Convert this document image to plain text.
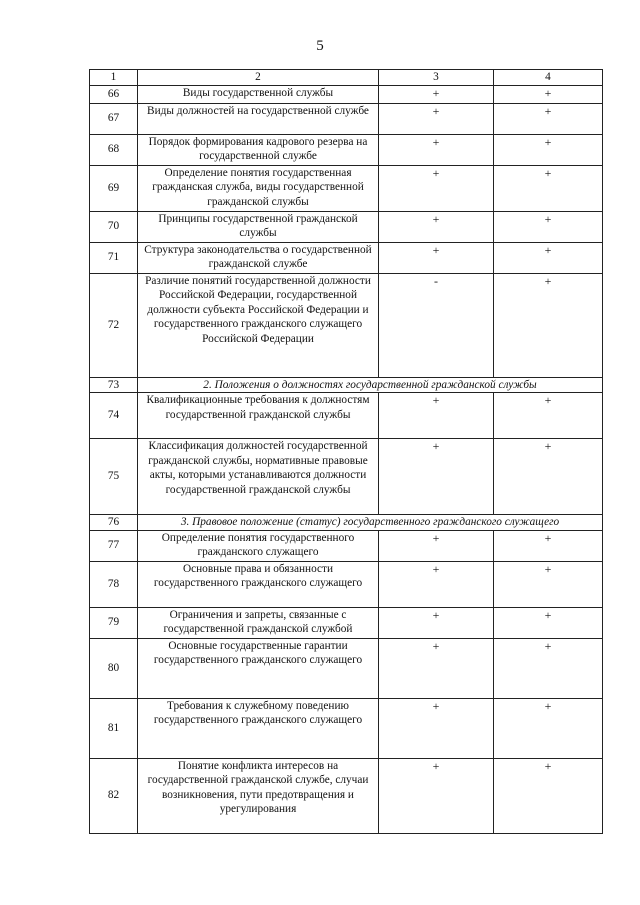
5
1	2	3	4
66	Виды государственной службы	+	+
67	Виды должностей на государственной службе	+	+
68	Порядок формирования кадрового резерва на государственной службе	+	+
69	Определение понятия государственная гражданская служба, виды государственной гражданской службы	+	+
70	Принципы государственной гражданской службы	+	+
71	Структура законодательства о государственной гражданской службе	+	+
72	Различие понятий государственной должности Российской Федерации, государственной должности субъекта Российской Федерации и государственного гражданского служащего Российской Федерации	-	+
73	2. Положения о должностях государственной гражданской службы		
74	Квалификационные требования к должностям государственной гражданской службы	+	+
75	Классификация должностей государственной гражданской службы, нормативные правовые акты, которыми устанавливаются должности государственной гражданской службы	+	+
76	3. Правовое положение (статус) государственного гражданского служащего		
77	Определение понятия государственного гражданского служащего	+	+
78	Основные права и обязанности государственного гражданского служащего	+	+
79	Ограничения и запреты, связанные с государственной гражданской службой	+	+
80	Основные государственные гарантии государственного гражданского служащего	+	+
81	Требования к служебному поведению государственного гражданского служащего	+	+
82	Понятие конфликта интересов на государственной гражданской службе, случаи возникновения, пути предотвращения и урегулирования	+	+
